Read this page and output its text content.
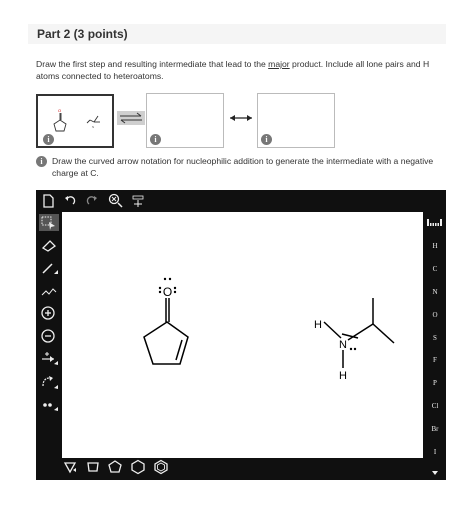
Part 2 (3 points)
Draw the first step and resulting intermediate that lead to the major product. Include all lone pairs and H atoms connected to heteroatoms.
O
N
i	i	i
i	Draw the curved arrow notation for nucleophilic addition to generate the intermediate with a negative charge at C.
O
H
N
H
H
C
N
O
S
F
P
Cl
Br
I
